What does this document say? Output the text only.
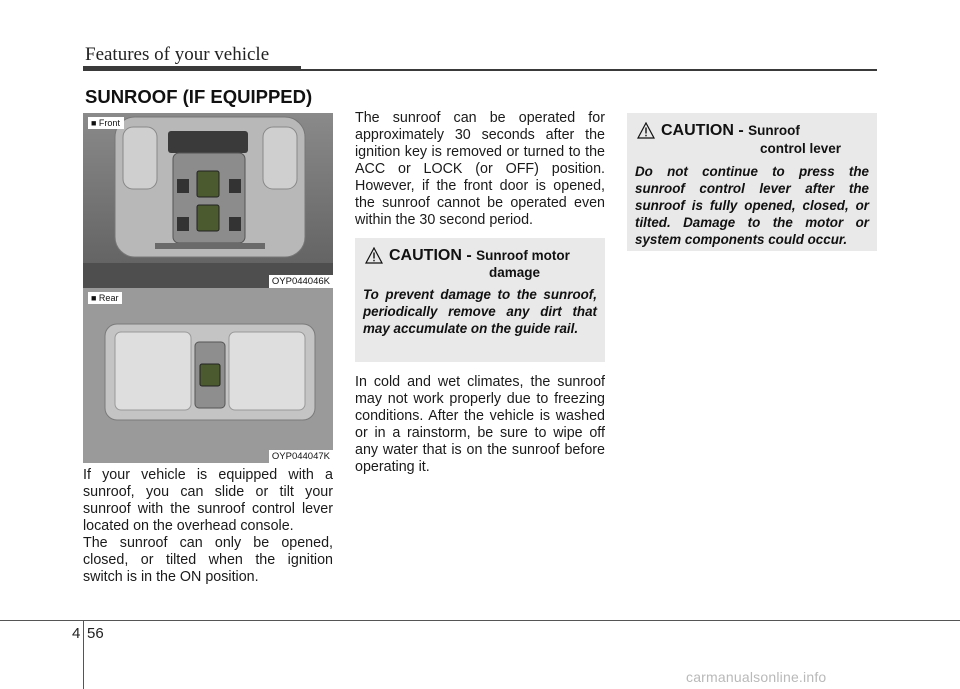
Features of your vehicle
SUNROOF (IF EQUIPPED)
■ Front
OYP044046K
■ Rear
OYP044047K

If your vehicle is equipped with a sunroof, you can slide or tilt your sunroof with the sunroof control lever located on the overhead console.

The sunroof can only be opened, closed, or tilted when the ignition switch is in the ON position.

The sunroof can be operated for approximately 30 seconds after the ignition key is removed or turned to the ACC or LOCK (or OFF) position. However, if the front door is opened, the sunroof cannot be operated even within the 30 second period.

CAUTION - Sunroof motor
damage

To prevent damage to the sunroof, periodically remove any dirt that may accumulate on the guide rail.

In cold and wet climates, the sunroof may not work properly due to freezing conditions. After the vehicle is washed or in a rainstorm, be sure to wipe off any water that is on the sunroof before operating it.

CAUTION - Sunroof
control lever

Do not continue to press the sunroof control lever after the sunroof is fully opened, closed, or tilted. Damage to the motor or system components could occur.

4 56
carmanualsonline.info
